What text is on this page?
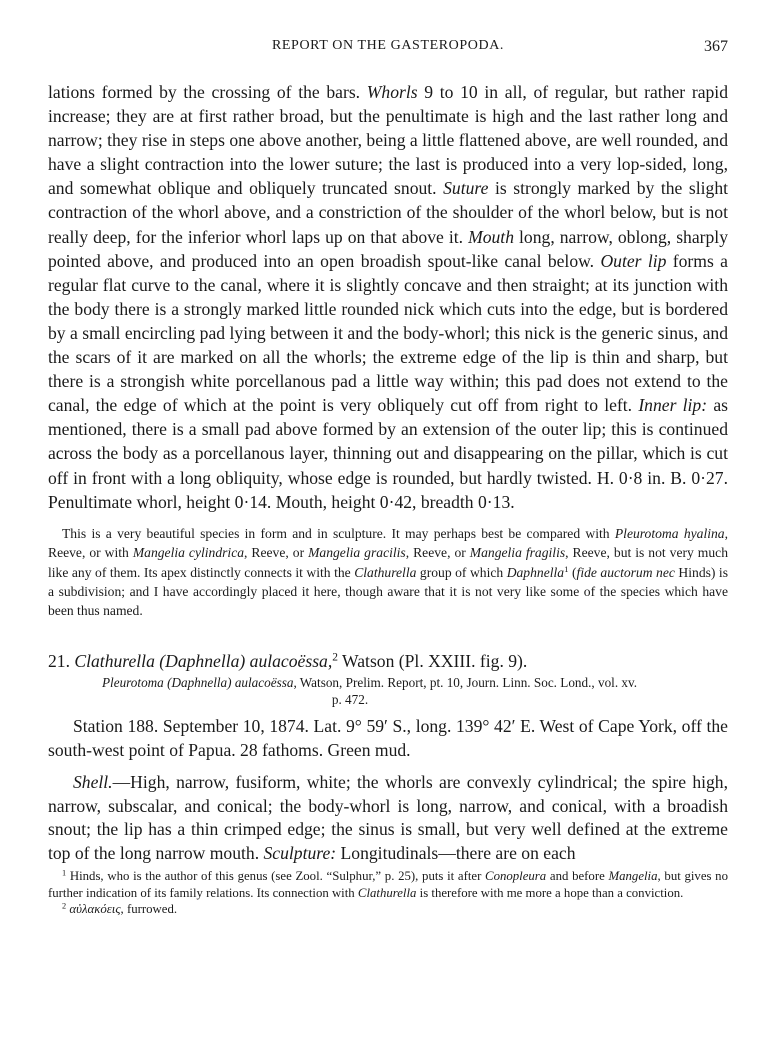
REPORT ON THE GASTEROPODA.	367
lations formed by the crossing of the bars. Whorls 9 to 10 in all, of regular, but rather rapid increase; they are at first rather broad, but the penultimate is high and the last rather long and narrow; they rise in steps one above another, being a little flattened above, are well rounded, and have a slight contraction into the lower suture; the last is produced into a very lop-sided, long, and somewhat oblique and obliquely truncated snout. Suture is strongly marked by the slight contraction of the whorl above, and a constriction of the shoulder of the whorl below, but is not really deep, for the inferior whorl laps up on that above it. Mouth long, narrow, oblong, sharply pointed above, and produced into an open broadish spout-like canal below. Outer lip forms a regular flat curve to the canal, where it is slightly concave and then straight; at its junction with the body there is a strongly marked little rounded nick which cuts into the edge, but is bordered by a small encircling pad lying between it and the body-whorl; this nick is the generic sinus, and the scars of it are marked on all the whorls; the extreme edge of the lip is thin and sharp, but there is a strongish white porcellanous pad a little way within; this pad does not extend to the canal, the edge of which at the point is very obliquely cut off from right to left. Inner lip: as mentioned, there is a small pad above formed by an extension of the outer lip; this is continued across the body as a porcellanous layer, thinning out and disappearing on the pillar, which is cut off in front with a long obliquity, whose edge is rounded, but hardly twisted. H. 0·8 in. B. 0·27. Penultimate whorl, height 0·14. Mouth, height 0·42, breadth 0·13.
This is a very beautiful species in form and in sculpture. It may perhaps best be compared with Pleurotoma hyalina, Reeve, or with Mangelia cylindrica, Reeve, or Mangelia gracilis, Reeve, or Mangelia fragilis, Reeve, but is not very much like any of them. Its apex distinctly connects it with the Clathurella group of which Daphnella$^1$ (fide auctorum nec Hinds) is a subdivision; and I have accordingly placed it here, though aware that it is not very like some of the species which have been thus named.
21. Clathurella (Daphnella) aulacoëssa,$^2$ Watson (Pl. XXIII. fig. 9).
Pleurotoma (Daphnella) aulacoëssa, Watson, Prelim. Report, pt. 10, Journ. Linn. Soc. Lond., vol. xv.
p. 472.
Station 188. September 10, 1874. Lat. 9° 59′ S., long. 139° 42′ E. West of Cape York, off the south-west point of Papua. 28 fathoms. Green mud.
Shell.—High, narrow, fusiform, white; the whorls are convexly cylindrical; the spire high, narrow, subscalar, and conical; the body-whorl is long, narrow, and conical, with a broadish snout; the lip has a thin crimped edge; the sinus is small, but very well defined at the extreme top of the long narrow mouth. Sculpture: Longitudinals—there are on each
$^1$ Hinds, who is the author of this genus (see Zool. “Sulphur,” p. 25), puts it after Conopleura and before Mangelia, but gives no further indication of its family relations. Its connection with Clathurella is therefore with me more a hope than a conviction.
$^2$ αὐλακόεις, furrowed.
